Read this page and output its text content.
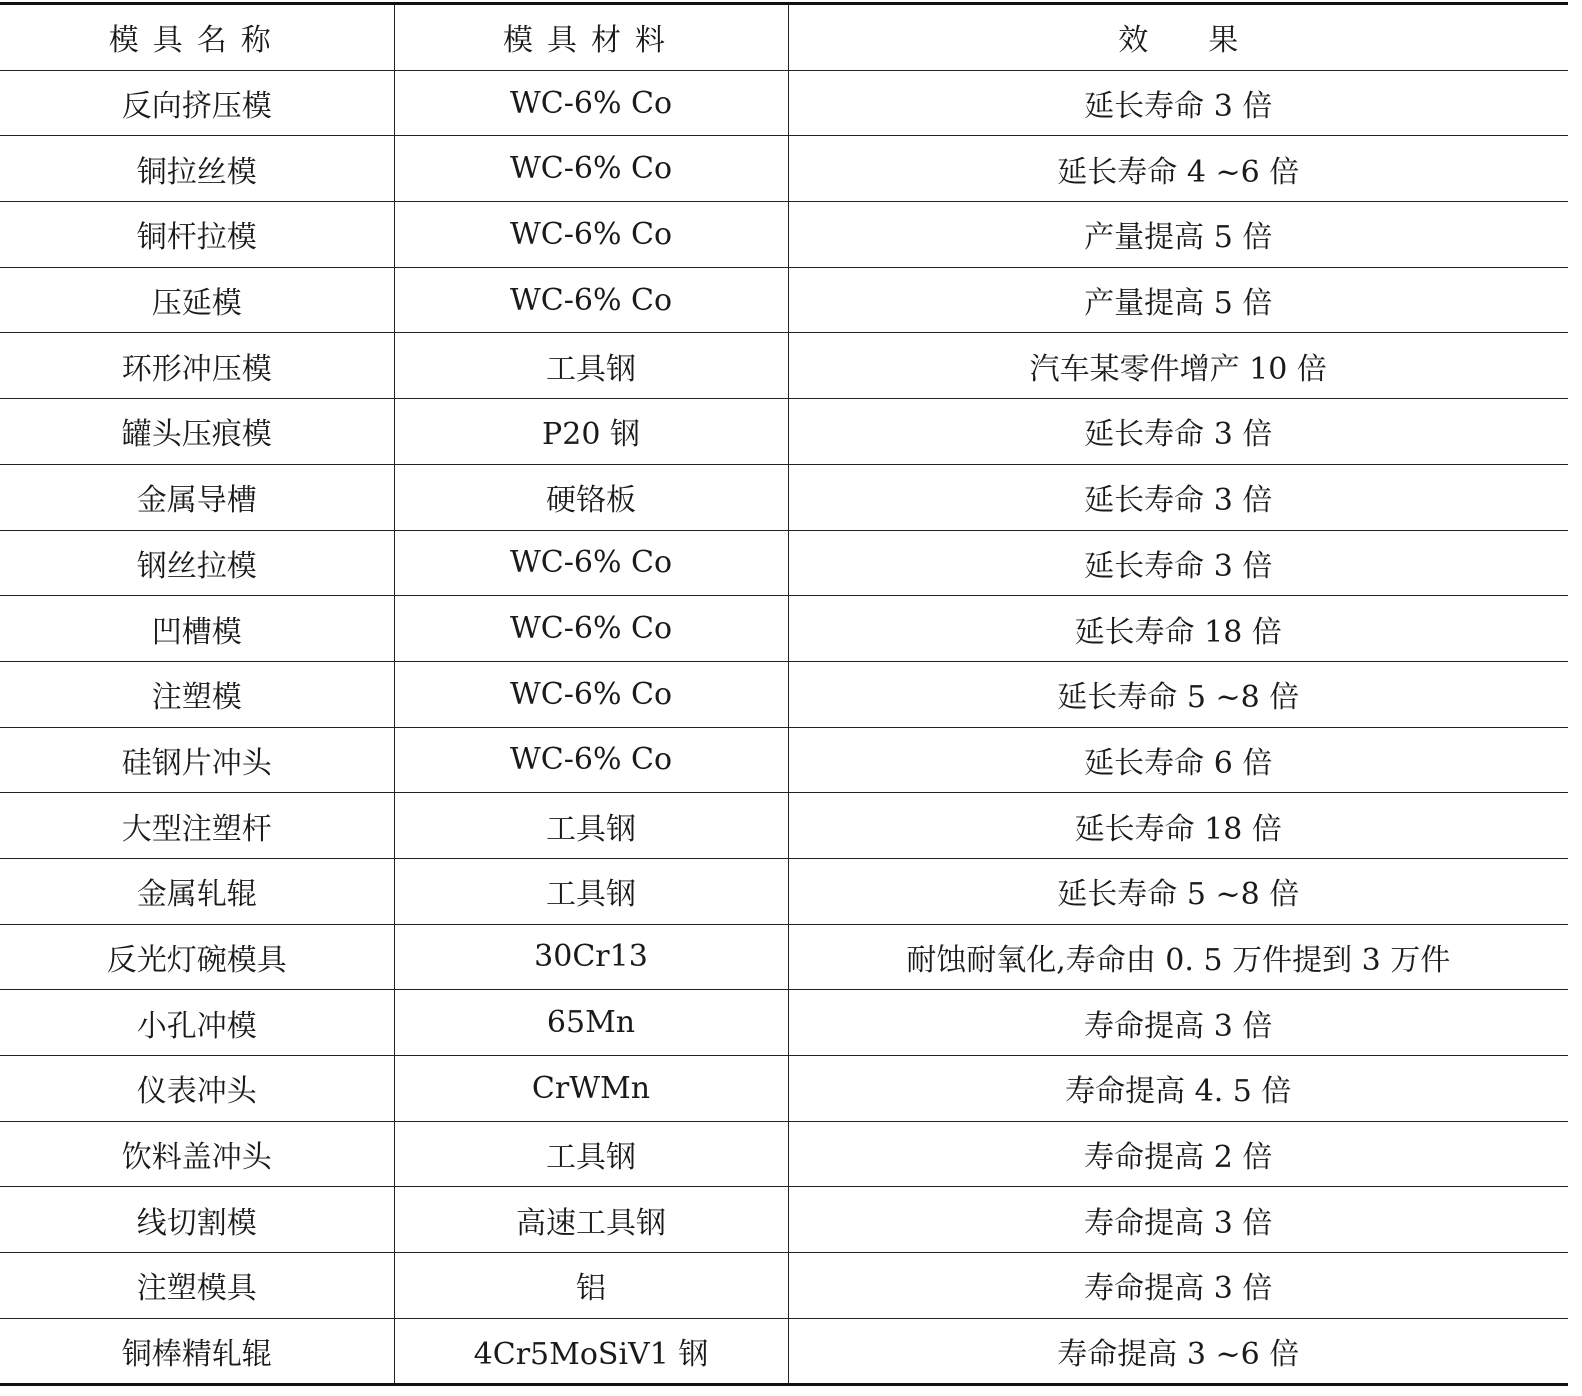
模具名称	模具材料	效果
反向挤压模	WC-6% Co	延长寿命 3 倍
铜拉丝模	WC-6% Co	延长寿命 4 ~6 倍
铜杆拉模	WC-6% Co	产量提高 5 倍
压延模	WC-6% Co	产量提高 5 倍
环形冲压模	工具钢	汽车某零件增产 10 倍
罐头压痕模	P20 钢	延长寿命 3 倍
金属导槽	硬铬板	延长寿命 3 倍
钢丝拉模	WC-6% Co	延长寿命 3 倍
凹槽模	WC-6% Co	延长寿命 18 倍
注塑模	WC-6% Co	延长寿命 5 ~8 倍
硅钢片冲头	WC-6% Co	延长寿命 6 倍
大型注塑杆	工具钢	延长寿命 18 倍
金属轧辊	工具钢	延长寿命 5 ~8 倍
反光灯碗模具	30Cr13	耐蚀耐氧化,寿命由 0. 5 万件提到 3 万件
小孔冲模	65Mn	寿命提高 3 倍
仪表冲头	CrWMn	寿命提高 4. 5 倍
饮料盖冲头	工具钢	寿命提高 2 倍
线切割模	高速工具钢	寿命提高 3 倍
注塑模具	铝	寿命提高 3 倍
铜棒精轧辊	4Cr5MoSiV1 钢	寿命提高 3 ~6 倍
